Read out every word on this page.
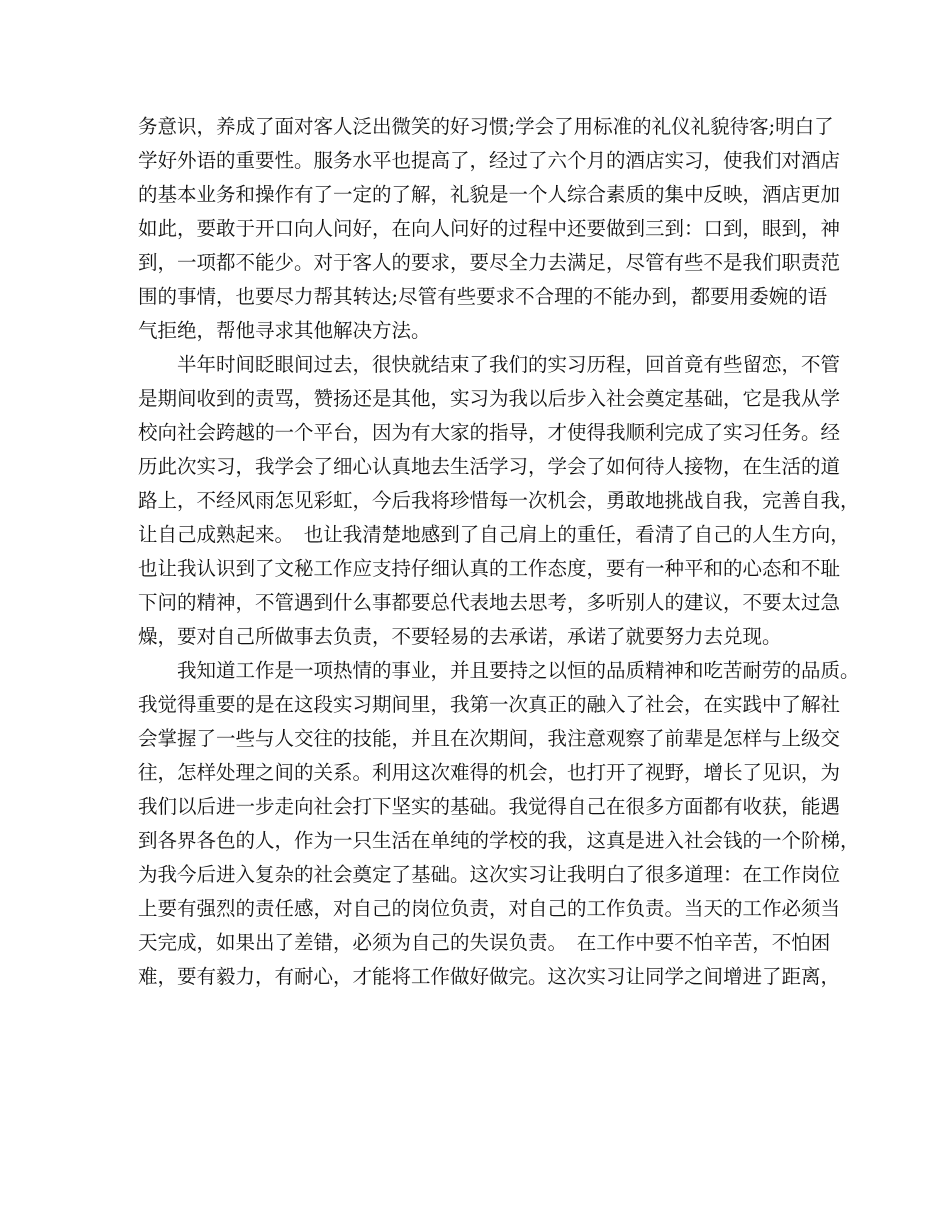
务意识，养成了面对客人泛出微笑的好习惯;学会了用标准的礼仪礼貌待客;明白了
学好外语的重要性。服务水平也提高了，经过了六个月的酒店实习，使我们对酒店
的基本业务和操作有了一定的了解，礼貌是一个人综合素质的集中反映，酒店更加
如此，要敢于开口向人问好，在向人问好的过程中还要做到三到：口到，眼到，神
到，一项都不能少。对于客人的要求，要尽全力去满足，尽管有些不是我们职责范
围的事情，也要尽力帮其转达;尽管有些要求不合理的不能办到，都要用委婉的语
气拒绝，帮他寻求其他解决方法。
　　半年时间眨眼间过去，很快就结束了我们的实习历程，回首竟有些留恋，不管
是期间收到的责骂，赞扬还是其他，实习为我以后步入社会奠定基础，它是我从学
校向社会跨越的一个平台，因为有大家的指导，才使得我顺利完成了实习任务。经
历此次实习，我学会了细心认真地去生活学习，学会了如何待人接物，在生活的道
路上，不经风雨怎见彩虹，今后我将珍惜每一次机会，勇敢地挑战自我，完善自我，
让自己成熟起来。　也让我清楚地感到了自己肩上的重任，看清了自己的人生方向，
也让我认识到了文秘工作应支持仔细认真的工作态度，要有一种平和的心态和不耻
下问的精神，不管遇到什么事都要总代表地去思考，多听别人的建议，不要太过急
燥，要对自己所做事去负责，不要轻易的去承诺，承诺了就要努力去兑现。
　　我知道工作是一项热情的事业，并且要持之以恒的品质精神和吃苦耐劳的品质。
我觉得重要的是在这段实习期间里，我第一次真正的融入了社会，在实践中了解社
会掌握了一些与人交往的技能，并且在次期间，我注意观察了前辈是怎样与上级交
往，怎样处理之间的关系。利用这次难得的机会，也打开了视野，增长了见识，为
我们以后进一步走向社会打下坚实的基础。我觉得自己在很多方面都有收获，能遇
到各界各色的人，作为一只生活在单纯的学校的我，这真是进入社会钱的一个阶梯，
为我今后进入复杂的社会奠定了基础。这次实习让我明白了很多道理：在工作岗位
上要有强烈的责任感，对自己的岗位负责，对自己的工作负责。当天的工作必须当
天完成，如果出了差错，必须为自己的失误负责。　在工作中要不怕辛苦，不怕困
难，要有毅力，有耐心，才能将工作做好做完。这次实习让同学之间增进了距离，
